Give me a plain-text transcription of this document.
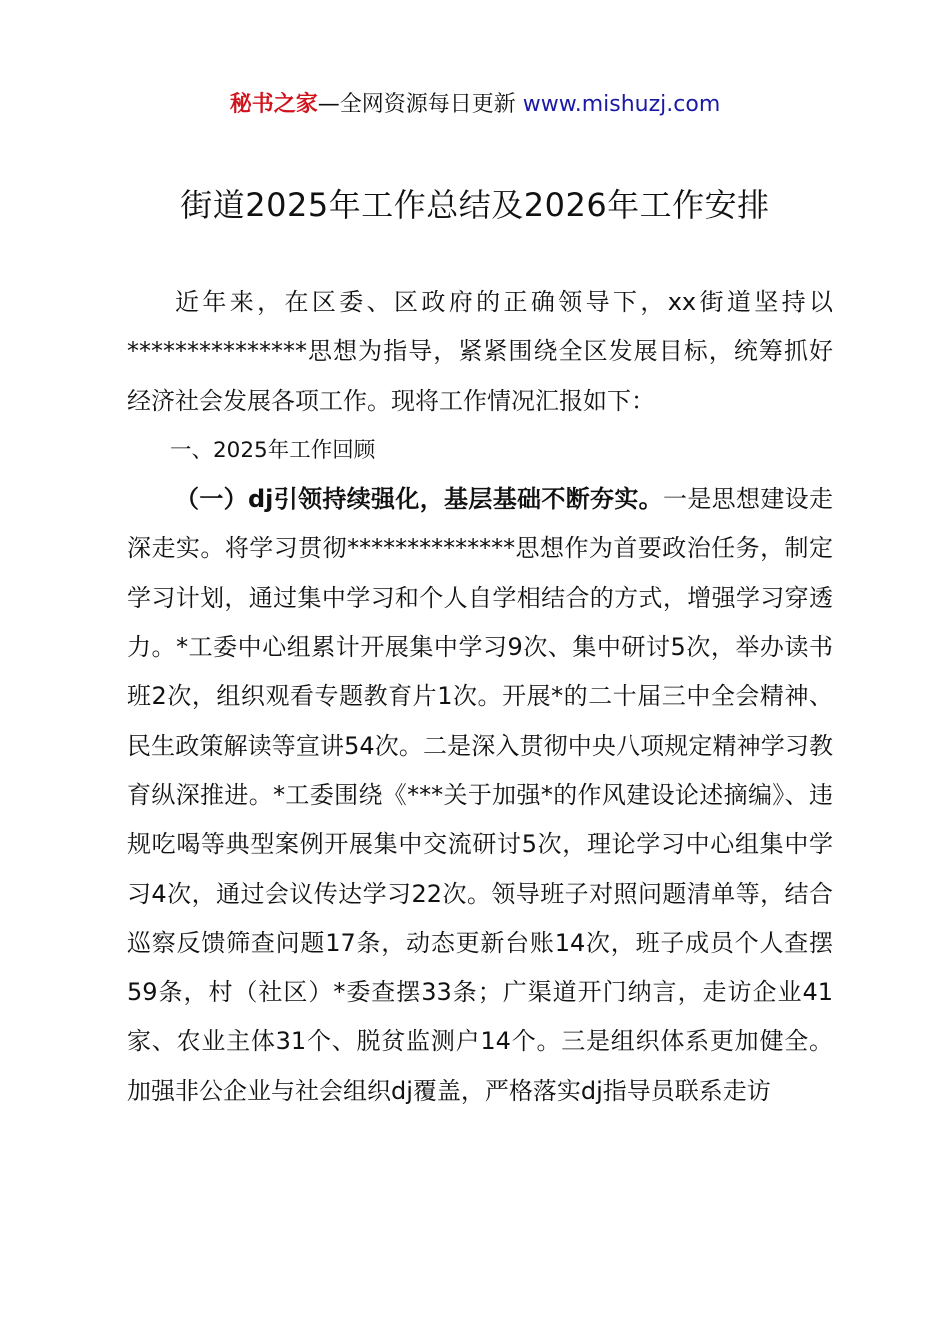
秘书之家—全网资源每日更新 www.mishuzj.com
街道2025年工作总结及2026年工作安排

近年来，在区委、区政府的正确领导下，xx街道坚持以***************思想为指导，紧紧围绕全区发展目标，统筹抓好经济社会发展各项工作。现将工作情况汇报如下：

一、2025年工作回顾

（一）dj引领持续强化，基层基础不断夯实。一是思想建设走深走实。将学习贯彻**************思想作为首要政治任务，制定学习计划，通过集中学习和个人自学相结合的方式，增强学习穿透力。*工委中心组累计开展集中学习9次、集中研讨5次，举办读书班2次，组织观看专题教育片1次。开展*的二十届三中全会精神、民生政策解读等宣讲54次。二是深入贯彻中央八项规定精神学习教育纵深推进。*工委围绕《***关于加强*的作风建设论述摘编》、违规吃喝等典型案例开展集中交流研讨5次，理论学习中心组集中学习4次，通过会议传达学习22次。领导班子对照问题清单等，结合巡察反馈筛查问题17条，动态更新台账14次，班子成员个人查摆59条，村（社区）*委查摆33条；广渠道开门纳言，走访企业41家、农业主体31个、脱贫监测户14个。三是组织体系更加健全。加强非公企业与社会组织dj覆盖，严格落实dj指导员联系走访
